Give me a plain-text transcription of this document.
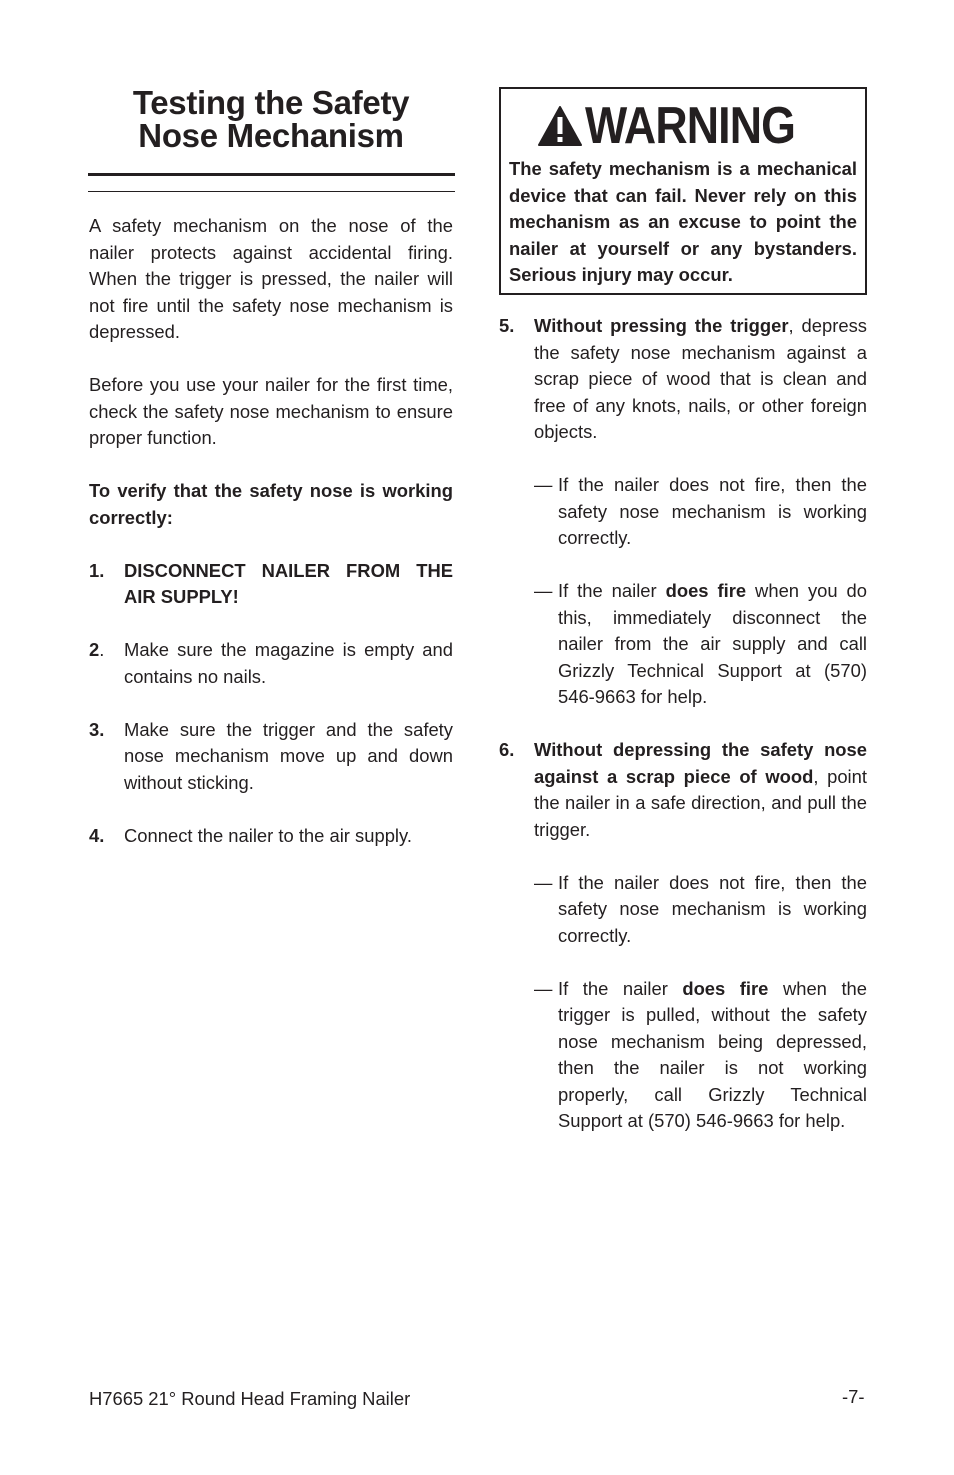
Testing the Safety
Nose Mechanism

A safety mechanism on the nose of the nailer protects against accidental firing. When the trigger is pressed, the nailer will not fire until the safety nose mechanism is depressed.

Before you use your nailer for the first time, check the safety nose mechanism to ensure proper function.

To verify that the safety nose is working correctly:

1.	DISCONNECT NAILER FROM THE AIR SUPPLY!
2.	Make sure the magazine is empty and contains no nails.
3.	Make sure the trigger and the safety nose mechanism move up and down without sticking.
4.	Connect the nailer to the air supply.
WARNING

The safety mechanism is a mechanical device that can fail. Never rely on this mechanism as an excuse to point the nailer at yourself or any bystanders. Serious injury may occur.

5.	Without pressing the trigger, depress the safety nose mechanism against a scrap piece of wood that is clean and free of any knots, nails, or other foreign objects.
— If the nailer does not fire, then the safety nose mechanism is working correctly.
— If the nailer does fire when you do this, immediately disconnect the nailer from the air supply and call Grizzly Technical Support at (570) 546-9663 for help.
6.	Without depressing the safety nose against a scrap piece of wood, point the nailer in a safe direction, and pull the trigger.
— If the nailer does not fire, then the safety nose mechanism is working correctly.
— If the nailer does fire when the trigger is pulled, without the safety nose mechanism being depressed, then the nailer is not working properly, call Grizzly Technical Support at (570) 546-9663 for help.
H7665 21° Round Head Framing Nailer	-7-
